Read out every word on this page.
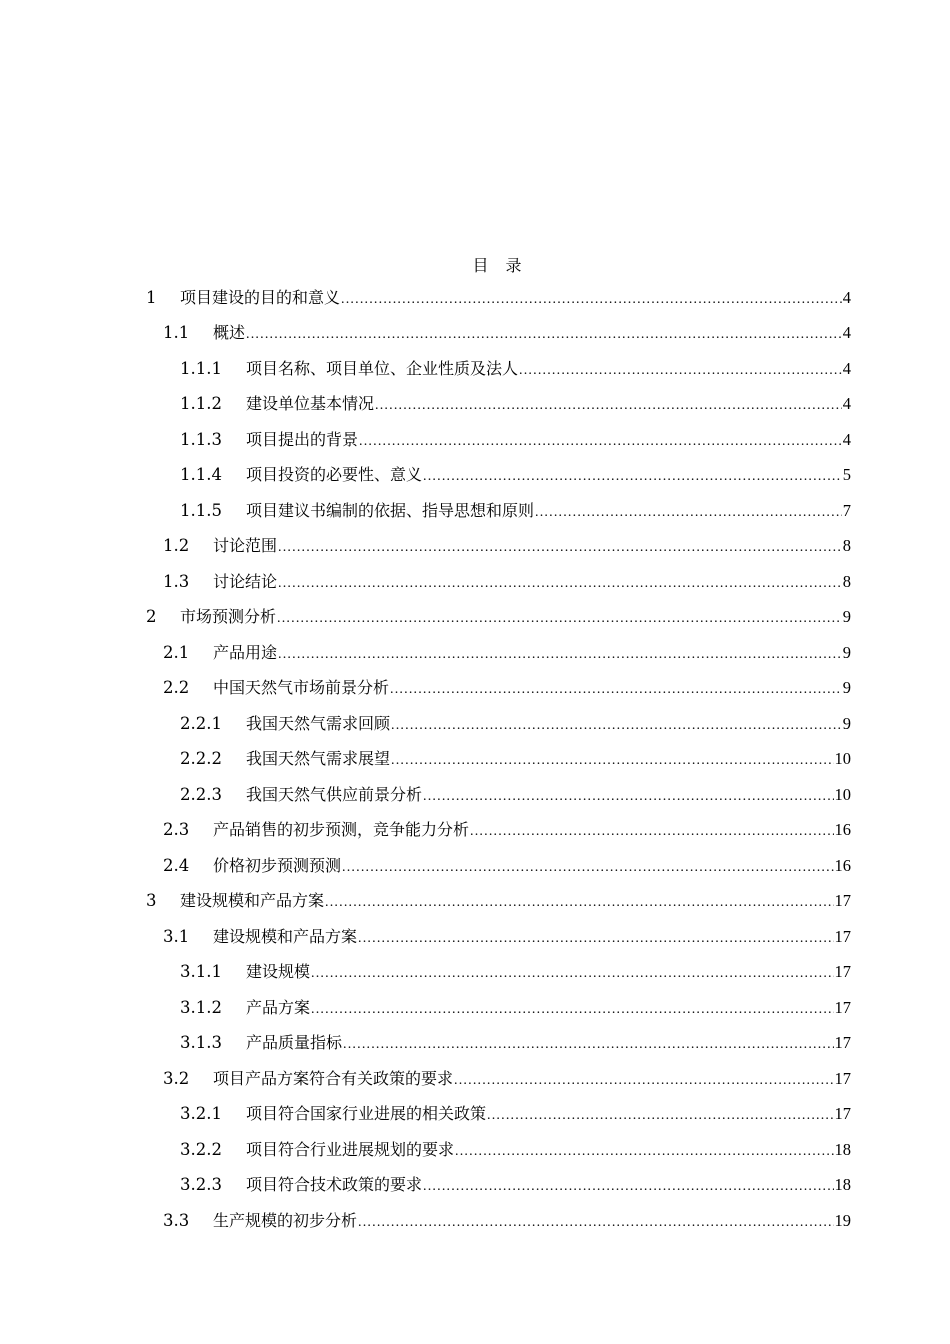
目 录
1	项目建设的目的和意义 .....	4
1.1	概述 .....	4
1.1.1	项目名称、项目单位、企业性质及法人 .....	4
1.1.2	建设单位基本情况 .....	4
1.1.3	项目提出的背景 .....	4
1.1.4	项目投资的必要性、意义 .....	5
1.1.5	项目建议书编制的依据、指导思想和原则 .....	7
1.2	讨论范围 .....	8
1.3	讨论结论 .....	8
2	市场预测分析 .....	9
2.1	产品用途 .....	9
2.2	中国天然气市场前景分析 .....	9
2.2.1	我国天然气需求回顾 .....	9
2.2.2	我国天然气需求展望 .....	10
2.2.3	我国天然气供应前景分析 .....	10
2.3	产品销售的初步预测，竞争能力分析 .....	16
2.4	价格初步预测预测 .....	16
3	建设规模和产品方案 .....	17
3.1	建设规模和产品方案 .....	17
3.1.1	建设规模 .....	17
3.1.2	产品方案 .....	17
3.1.3	产品质量指标 .....	17
3.2	项目产品方案符合有关政策的要求 .....	17
3.2.1	项目符合国家行业进展的相关政策 .....	17
3.2.2	项目符合行业进展规划的要求 .....	18
3.2.3	项目符合技术政策的要求 .....	18
3.3	生产规模的初步分析 .....	19
